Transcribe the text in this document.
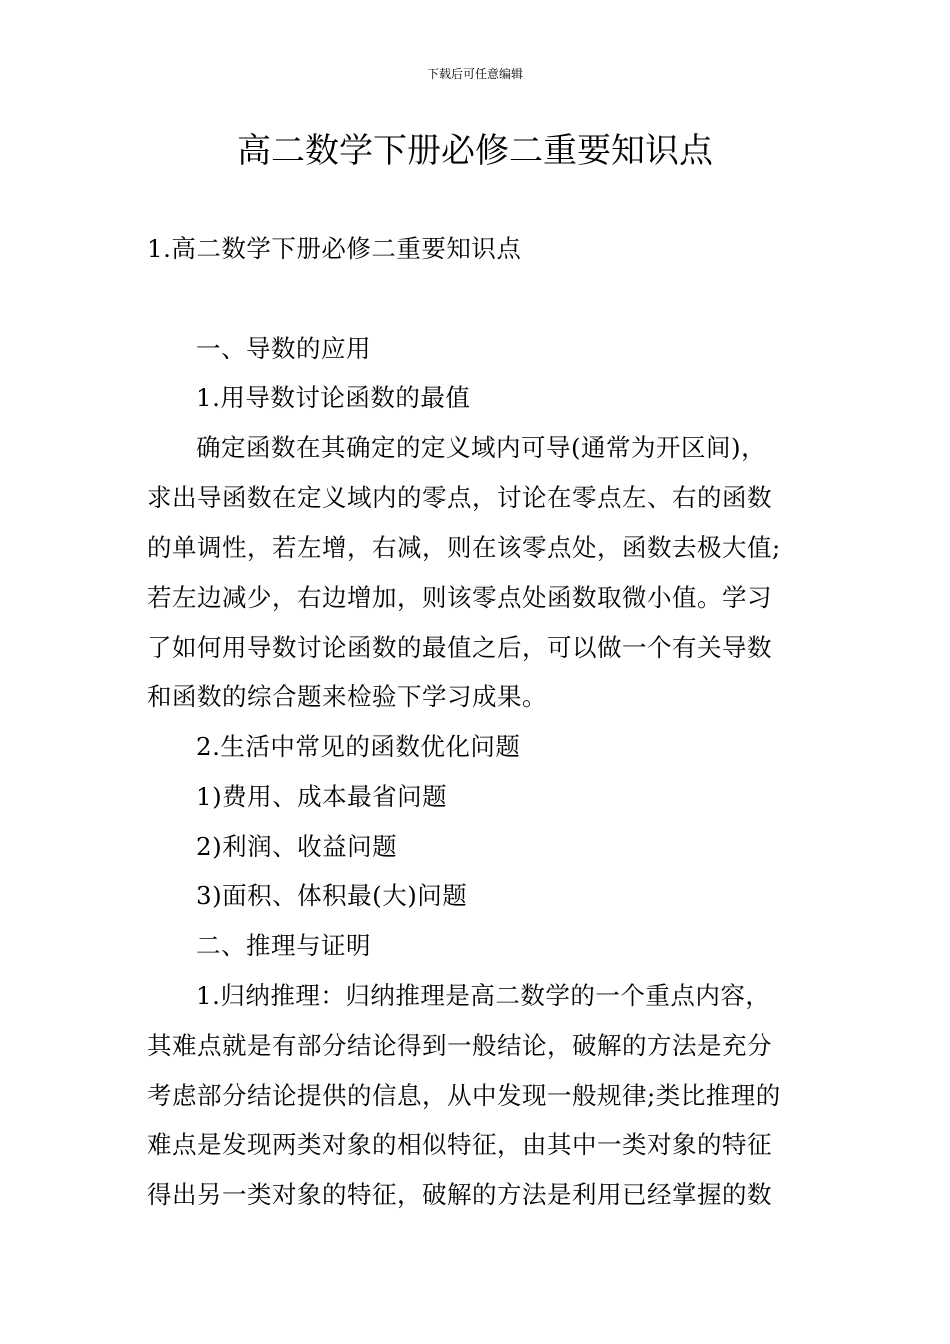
下载后可任意编辑
高二数学下册必修二重要知识点
1.高二数学下册必修二重要知识点
一、导数的应用
1.用导数讨论函数的最值
确定函数在其确定的定义域内可导(通常为开区间)，
求出导函数在定义域内的零点，讨论在零点左、右的函数
的单调性，若左增，右减，则在该零点处，函数去极大值;
若左边减少，右边增加，则该零点处函数取微小值。学习
了如何用导数讨论函数的最值之后，可以做一个有关导数
和函数的综合题来检验下学习成果。
2.生活中常见的函数优化问题
1)费用、成本最省问题
2)利润、收益问题
3)面积、体积最(大)问题
二、推理与证明
1.归纳推理：归纳推理是高二数学的一个重点内容，
其难点就是有部分结论得到一般结论，破解的方法是充分
考虑部分结论提供的信息，从中发现一般规律;类比推理的
难点是发现两类对象的相似特征，由其中一类对象的特征
得出另一类对象的特征，破解的方法是利用已经掌握的数
